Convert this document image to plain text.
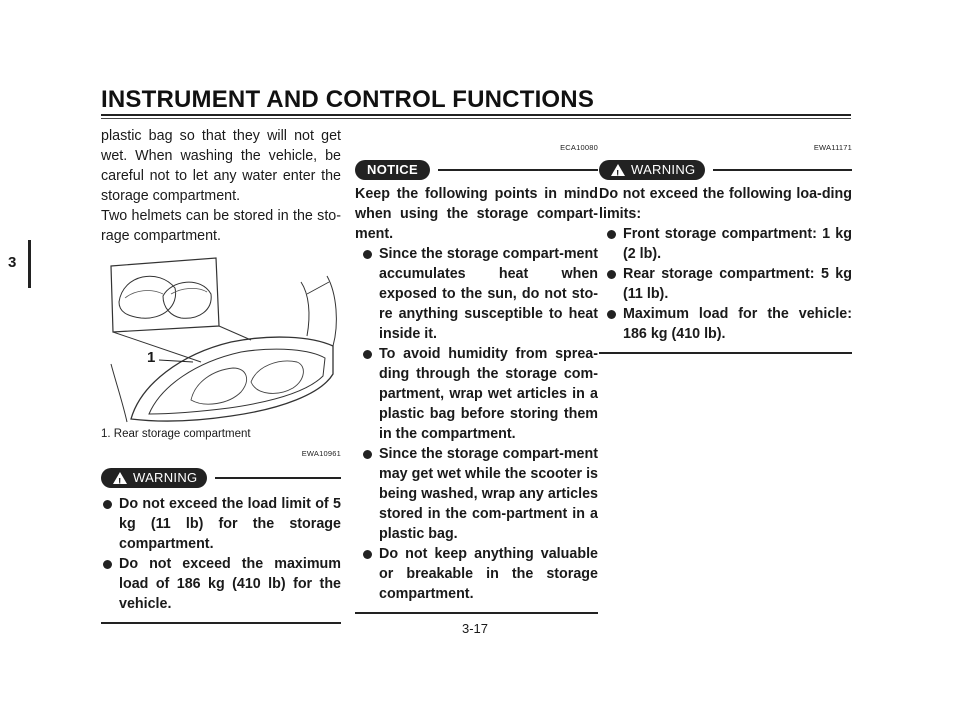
INSTRUMENT AND CONTROL FUNCTIONS
3

plastic bag so that they will not get wet. When washing the vehicle, be careful not to let any water enter the storage compartment.

Two helmets can be stored in the sto-rage compartment.

1
1. Rear storage compartment
EWA10961
!
WARNING
Do not exceed the load limit of 5 kg (11 lb) for the storage compartment.
Do not exceed the maximum load of 186 kg (410 lb) for the vehicle.
ECA10080
NOTICE

Keep the following points in mind when using the storage compart-ment.

Since the storage compart-ment accumulates heat when exposed to the sun, do not sto-re anything susceptible to heat inside it.
To avoid humidity from sprea-ding through the storage com-partment, wrap wet articles in a plastic bag before storing them in the compartment.
Since the storage compart-ment may get wet while the scooter is being washed, wrap any articles stored in the com-partment in a plastic bag.
Do not keep anything valuable or breakable in the storage compartment.
EWA11171
!
WARNING

Do not exceed the following loa-ding limits:

Front storage compartment: 1 kg (2 lb).
Rear storage compartment: 5 kg (11 lb).
Maximum load for the vehicle: 186 kg (410 lb).
3-17
